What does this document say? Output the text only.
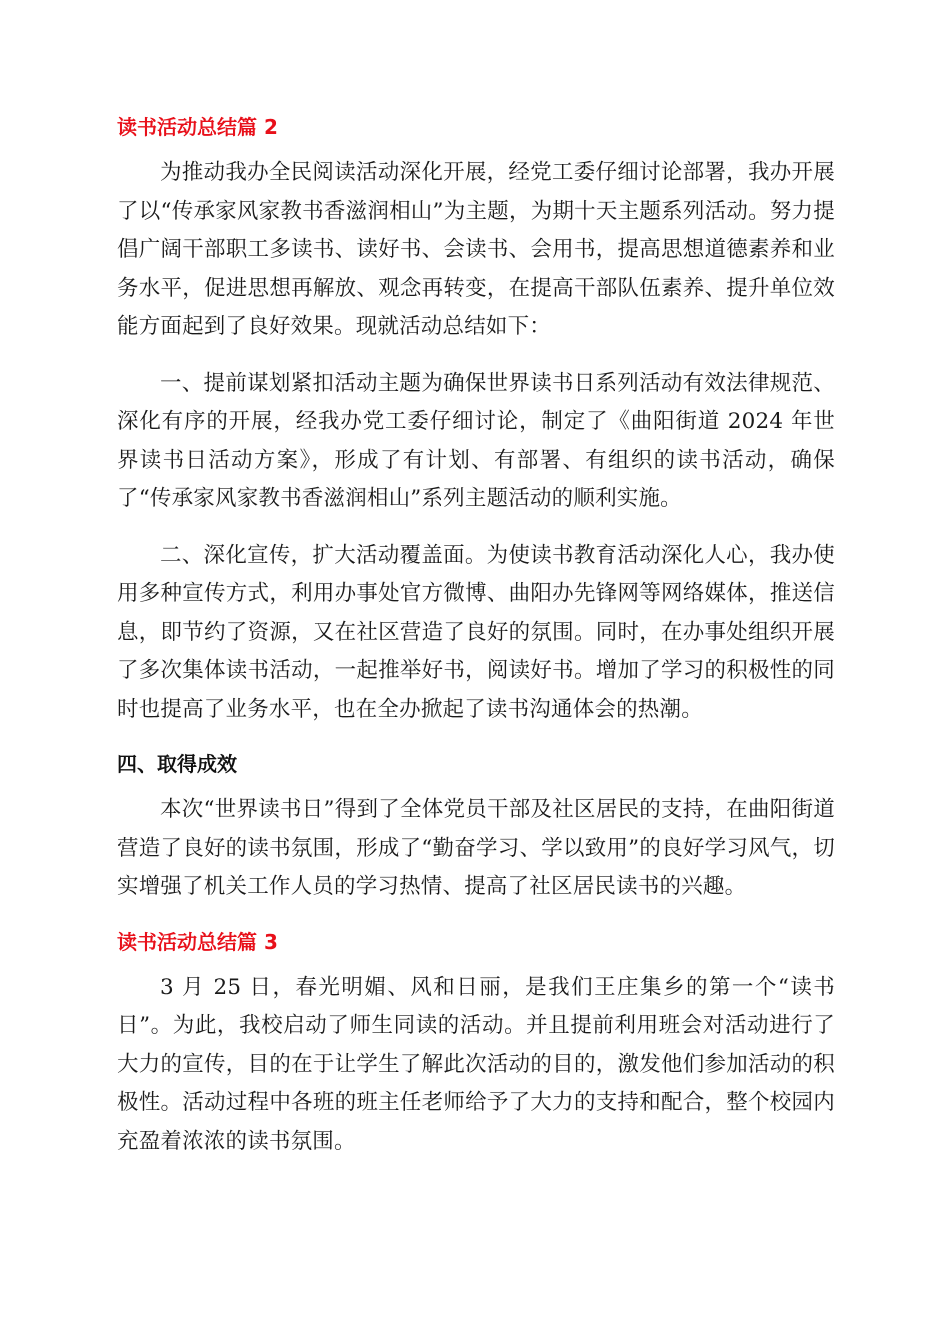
读书活动总结篇 2

为推动我办全民阅读活动深化开展，经党工委仔细讨论部署，我办开展了以“传承家风家教书香滋润相山”为主题，为期十天主题系列活动。努力提倡广阔干部职工多读书、读好书、会读书、会用书，提高思想道德素养和业务水平，促进思想再解放、观念再转变，在提高干部队伍素养、提升单位效能方面起到了良好效果。现就活动总结如下：

一、提前谋划紧扣活动主题为确保世界读书日系列活动有效法律规范、深化有序的开展，经我办党工委仔细讨论，制定了《曲阳街道 2024 年世界读书日活动方案》，形成了有计划、有部署、有组织的读书活动，确保了“传承家风家教书香滋润相山”系列主题活动的顺利实施。

二、深化宣传，扩大活动覆盖面。为使读书教育活动深化人心，我办使用多种宣传方式，利用办事处官方微博、曲阳办先锋网等网络媒体，推送信息，即节约了资源，又在社区营造了良好的氛围。同时，在办事处组织开展了多次集体读书活动，一起推举好书，阅读好书。增加了学习的积极性的同时也提高了业务水平，也在全办掀起了读书沟通体会的热潮。

四、取得成效

本次“世界读书日”得到了全体党员干部及社区居民的支持，在曲阳街道营造了良好的读书氛围，形成了“勤奋学习、学以致用”的良好学习风气，切实增强了机关工作人员的学习热情、提高了社区居民读书的兴趣。

读书活动总结篇 3

3 月 25 日，春光明媚、风和日丽，是我们王庄集乡的第一个“读书日”。为此，我校启动了师生同读的活动。并且提前利用班会对活动进行了大力的宣传，目的在于让学生了解此次活动的目的，激发他们参加活动的积极性。活动过程中各班的班主任老师给予了大力的支持和配合，整个校园内充盈着浓浓的读书氛围。
